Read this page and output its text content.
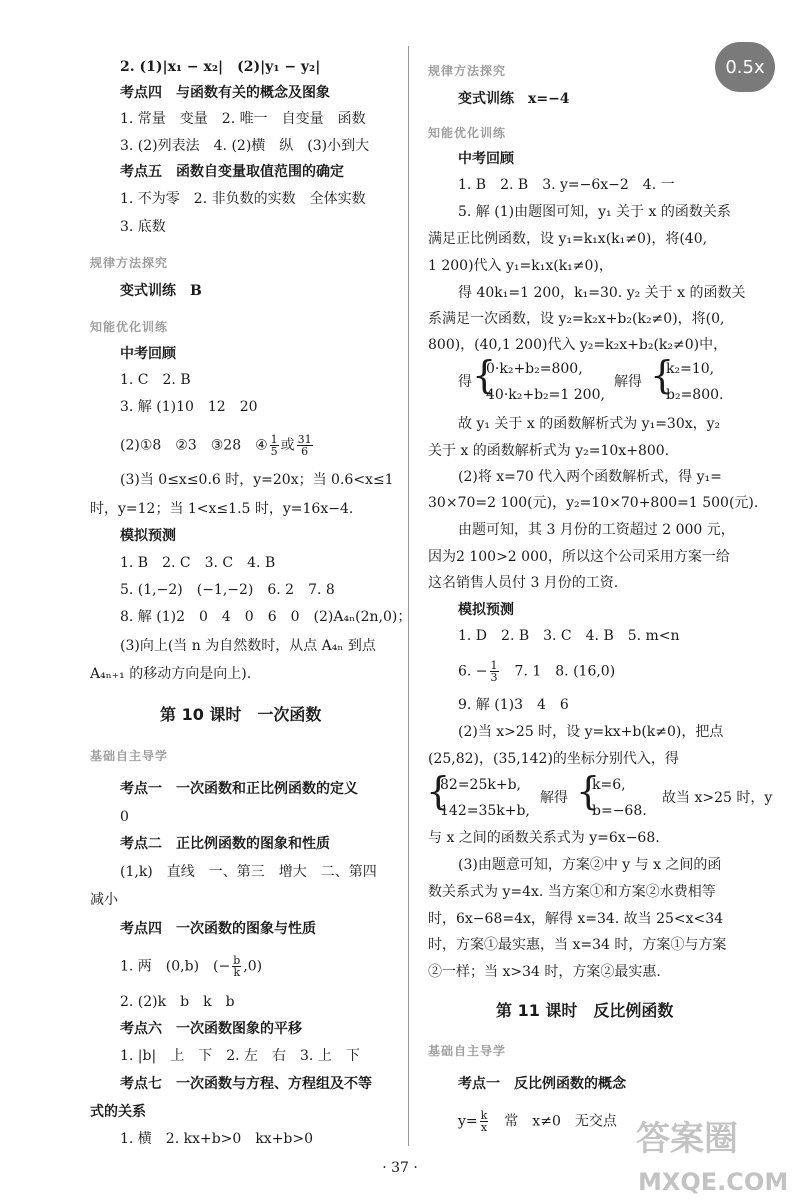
2. (1)|x₁ − x₂|　(2)|y₁ − y₂|
考点四　与函数有关的概念及图象
1. 常量　变量　2. 唯一　自变量　函数
3. (2)列表法　4. (2)横　纵　(3)小到大
考点五　函数自变量取值范围的确定
1. 不为零　2. 非负数的实数　全体实数
3. 底数
规律方法探究
变式训练　B
知能优化训练
中考回顾
1. C　2. B
3. 解 (1)10　12　20
(2)①8　②3　③28　④ $\frac{1}{5}$ 或 $\frac{31}{6}$
(3)当 0≤x≤0.6 时，y=20x；当 0.6<x≤1
时，y=12；当 1<x≤1.5 时，y=16x−4.
模拟预测
1. B　2. C　3. C　4. B
5. (1,−2)　(−1,−2)　6. 2　7. 8
8. 解 (1)2　0　4　0　6　0　(2)A₄ₙ(2n,0)；
(3)向上(当 n 为自然数时，从点 A₄ₙ 到点
A₄ₙ₊₁ 的移动方向是向上).
第 10 课时　一次函数
基础自主导学
考点一　一次函数和正比例函数的定义
0
考点二　正比例函数的图象和性质
(1,k)　直线　一、第三　增大　二、第四
减小
考点四　一次函数的图象与性质
1. 两　(0,b)　(− $\frac{b}{k} ,0$)
2. (2)k　b　k　b
考点六　一次函数图象的平移
1. |b|　上　下　2. 左　右　3. 上　下
考点七　一次函数与方程、方程组及不等
式的关系
1. 横　2. kx+b>0　kx+b>0
规律方法探究
变式训练　x=−4
知能优化训练
中考回顾
1. B　2. B　3. y=−6x−2　4. 一
5. 解 (1)由题图可知，y₁ 关于 x 的函数关系
满足正比例函数，设 y₁=k₁x(k₁≠0)，将(40,
1 200)代入 y₁=k₁x(k₁≠0)，
得 40k₁=1 200，k₁=30. y₂ 关于 x 的函数关
系满足一次函数，设 y₂=k₂x+b₂(k₂≠0)，将(0,
800)，(40,1 200)代入 y₂=k₂x+b₂(k₂≠0)中，
得 {
0·k₂+b₂=800,
40·k₂+b₂=1 200,
解得 {
k₂=10,
b₂=800.
故 y₁ 关于 x 的函数解析式为 y₁=30x，y₂
关于 x 的函数解析式为 y₂=10x+800.
(2)将 x=70 代入两个函数解析式，得 y₁=
30×70=2 100(元)，y₂=10×70+800=1 500(元).
由题可知，其 3 月份的工资超过 2 000 元，
因为2 100>2 000，所以这个公司采用方案一给
这名销售人员付 3 月份的工资.
模拟预测
1. D　2. B　3. C　4. B　5. m<n
6. − $\frac{1}{3}$ 　7. 1　8. (16,0)
9. 解 (1)3　4　6
(2)当 x>25 时，设 y=kx+b(k≠0)，把点
(25,82)，(35,142)的坐标分别代入，得
{
82=25k+b,
142=35k+b,
解得 {
k=6,
b=−68.
故当 x>25 时，y
与 x 之间的函数关系式为 y=6x−68.
(3)由题意可知，方案②中 y 与 x 之间的函
数关系式为 y=4x. 当方案①和方案②水费相等
时，6x−68=4x，解得 x=34. 故当 25<x<34
时，方案①最实惠，当 x=34 时，方案①与方案
②一样；当 x>34 时，方案②最实惠.
第 11 课时　反比例函数
基础自主导学
考点一　反比例函数的概念
$y= \frac{k}{x}$ 　常　x≠0　无交点
0.5x
· 37 ·
答案圈
MXQE.COM
